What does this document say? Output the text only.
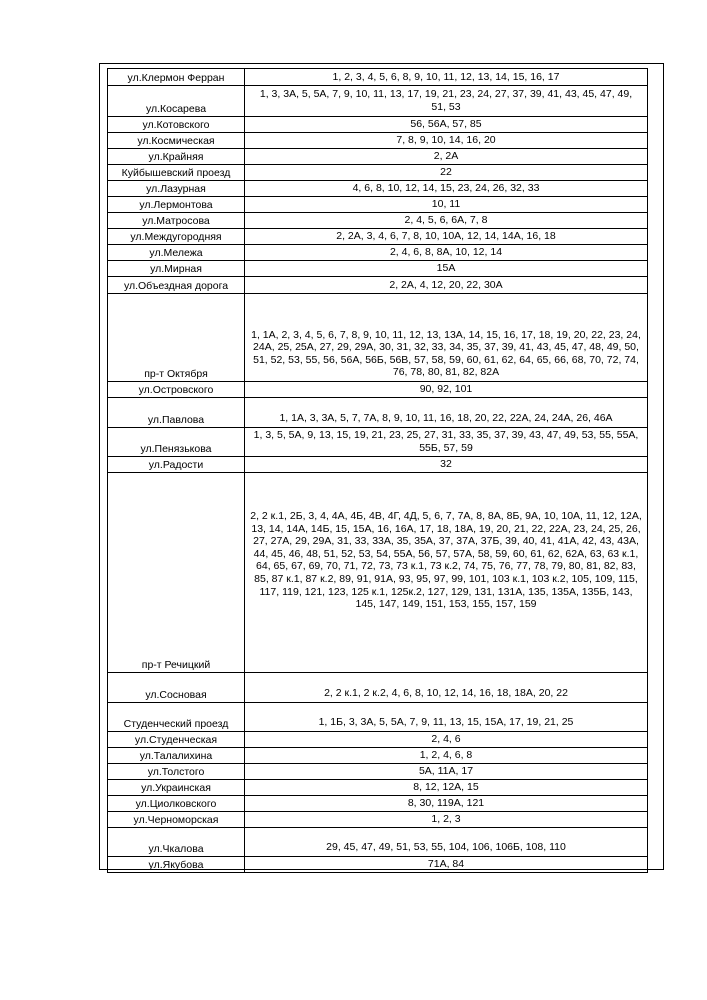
ул.Клермон Ферран	1, 2, 3, 4, 5, 6, 8, 9, 10, 11, 12, 13, 14, 15, 16, 17
ул.Косарева	1, 3, 3А, 5, 5А, 7, 9, 10, 11, 13, 17, 19, 21, 23, 24, 27, 37, 39, 41, 43, 45, 47, 49, 51, 53
ул.Котовского	56, 56А, 57, 85
ул.Космическая	7, 8, 9, 10, 14, 16, 20
ул.Крайняя	2, 2А
Куйбышевский проезд	22
ул.Лазурная	4, 6, 8, 10, 12, 14, 15, 23, 24, 26, 32, 33
ул.Лермонтова	10, 11
ул.Матросова	2, 4, 5, 6, 6А, 7, 8
ул.Междугородняя	2, 2А, 3, 4, 6, 7, 8, 10, 10А, 12, 14, 14А, 16, 18
ул.Мележа	2, 4, 6, 8, 8А, 10, 12, 14
ул.Мирная	15А
ул.Объездная дорога	2, 2А, 4, 12, 20, 22, 30А
пр-т Октября	1, 1А, 2, 3, 4, 5, 6, 7, 8, 9, 10, 11, 12, 13, 13А, 14, 15, 16, 17, 18, 19, 20, 22, 23, 24, 24А, 25, 25А, 27, 29, 29А, 30, 31, 32, 33, 34, 35, 37, 39, 41, 43, 45, 47, 48, 49, 50, 51, 52, 53, 55, 56, 56А, 56Б, 56В, 57, 58, 59, 60, 61, 62, 64, 65, 66, 68, 70, 72, 74, 76, 78, 80, 81, 82, 82А
ул.Островского	90, 92, 101
ул.Павлова	1, 1А, 3, 3А, 5, 7, 7А, 8, 9, 10, 11, 16, 18, 20, 22, 22А, 24, 24А, 26, 46А
ул.Пенязькова	1, 3, 5, 5А, 9, 13, 15, 19, 21, 23, 25, 27, 31, 33, 35, 37, 39, 43, 47, 49, 53, 55, 55А, 55Б, 57, 59
ул.Радости	32
пр-т Речицкий	2, 2 к.1, 2Б, 3, 4, 4А, 4Б, 4В, 4Г, 4Д, 5, 6, 7, 7А, 8, 8А, 8Б, 9А, 10, 10А, 11, 12, 12А, 13, 14, 14А, 14Б, 15, 15А, 16, 16А, 17, 18, 18А, 19, 20, 21, 22, 22А, 23, 24, 25, 26, 27, 27А, 29, 29А, 31, 33, 33А, 35, 35А, 37, 37А, 37Б, 39, 40, 41, 41А, 42, 43, 43А, 44, 45, 46, 48, 51, 52, 53, 54, 55А, 56, 57, 57А, 58, 59, 60, 61, 62, 62А, 63, 63 к.1, 64, 65, 67, 69, 70, 71, 72, 73, 73 к.1, 73 к.2, 74, 75, 76, 77, 78, 79, 80, 81, 82, 83, 85, 87 к.1, 87 к.2, 89, 91, 91А, 93, 95, 97, 99, 101, 103 к.1, 103 к.2, 105, 109, 115, 117, 119, 121, 123, 125 к.1, 125к.2, 127, 129, 131, 131А, 135, 135А, 135Б, 143, 145, 147, 149, 151, 153, 155, 157, 159
ул.Сосновая	2, 2 к.1, 2 к.2, 4, 6, 8, 10, 12, 14, 16, 18, 18А, 20, 22
Студенческий проезд	1, 1Б, 3, 3А, 5, 5А, 7, 9, 11, 13, 15, 15А, 17, 19, 21, 25
ул.Студенческая	2, 4, 6
ул.Талалихина	1, 2, 4, 6, 8
ул.Толстого	5А, 11А, 17
ул.Украинская	8, 12, 12А, 15
ул.Циолковского	8, 30, 119А, 121
ул.Черноморская	1, 2, 3
ул.Чкалова	29, 45, 47, 49, 51, 53, 55, 104, 106, 106Б, 108, 110
ул.Якубова	71А, 84
